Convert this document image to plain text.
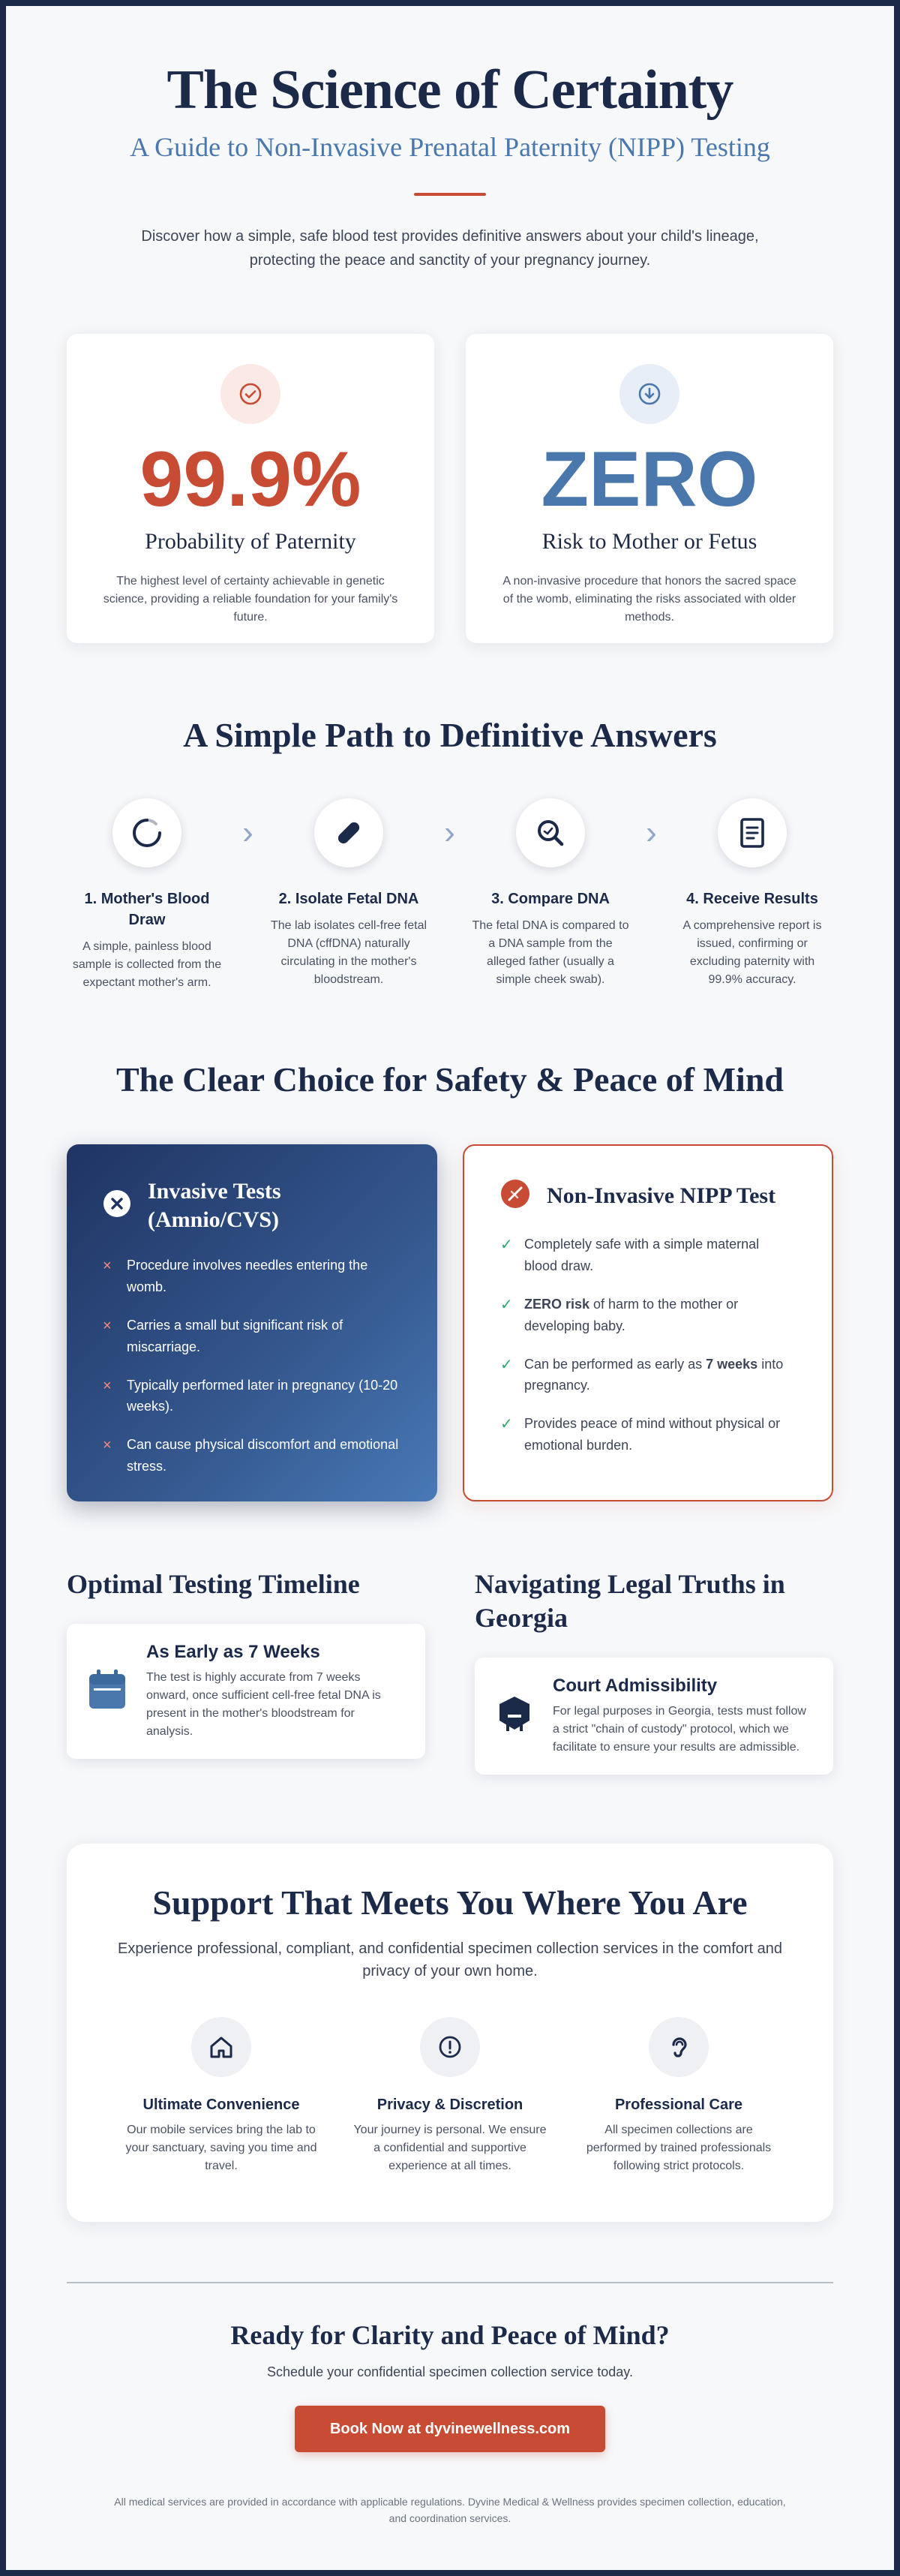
The Science of Certainty
A Guide to Non-Invasive Prenatal Paternity (NIPP) Testing

Discover how a simple, safe blood test provides definitive answers about your child's lineage, protecting the peace and sanctity of your pregnancy journey.

99.9%
Probability of Paternity
The highest level of certainty achievable in genetic science, providing a reliable foundation for your family's future.
ZERO
Risk to Mother or Fetus
A non-invasive procedure that honors the sacred space of the womb, eliminating the risks associated with older methods.
A Simple Path to Definitive Answers
1. Mother's Blood Draw

A simple, painless blood sample is collected from the expectant mother's arm.

›
2. Isolate Fetal DNA

The lab isolates cell-free fetal DNA (cffDNA) naturally circulating in the mother's bloodstream.

›
3. Compare DNA

The fetal DNA is compared to a DNA sample from the alleged father (usually a simple cheek swab).

›
4. Receive Results

A comprehensive report is issued, confirming or excluding paternity with 99.9% accuracy.

The Clear Choice for Safety & Peace of Mind
Invasive Tests (Amnio/CVS)
×	Procedure involves needles entering the womb.
×	Carries a small but significant risk of miscarriage.
×	Typically performed later in pregnancy (10-20 weeks).
×	Can cause physical discomfort and emotional stress.
Non-Invasive NIPP Test
✓ Completely safe with a simple maternal blood draw.
✓ ZERO risk of harm to the mother or developing baby.
✓ Can be performed as early as 7 weeks into pregnancy.
✓ Provides peace of mind without physical or emotional burden.
Optimal Testing Timeline
As Early as 7 Weeks

The test is highly accurate from 7 weeks onward, once sufficient cell-free fetal DNA is present in the mother's bloodstream for analysis.

Navigating Legal Truths in Georgia
Court Admissibility

For legal purposes in Georgia, tests must follow a strict "chain of custody" protocol, which we facilitate to ensure your results are admissible.

Support That Meets You Where You Are

Experience professional, compliant, and confidential specimen collection services in the comfort and privacy of your own home.

Ultimate Convenience

Our mobile services bring the lab to your sanctuary, saving you time and travel.

Privacy & Discretion

Your journey is personal. We ensure a confidential and supportive experience at all times.

Professional Care

All specimen collections are performed by trained professionals following strict protocols.

Ready for Clarity and Peace of Mind?

Schedule your confidential specimen collection service today.

Book Now at dyvinewellness.com

All medical services are provided in accordance with applicable regulations. Dyvine Medical & Wellness provides specimen collection, education, and coordination services.
